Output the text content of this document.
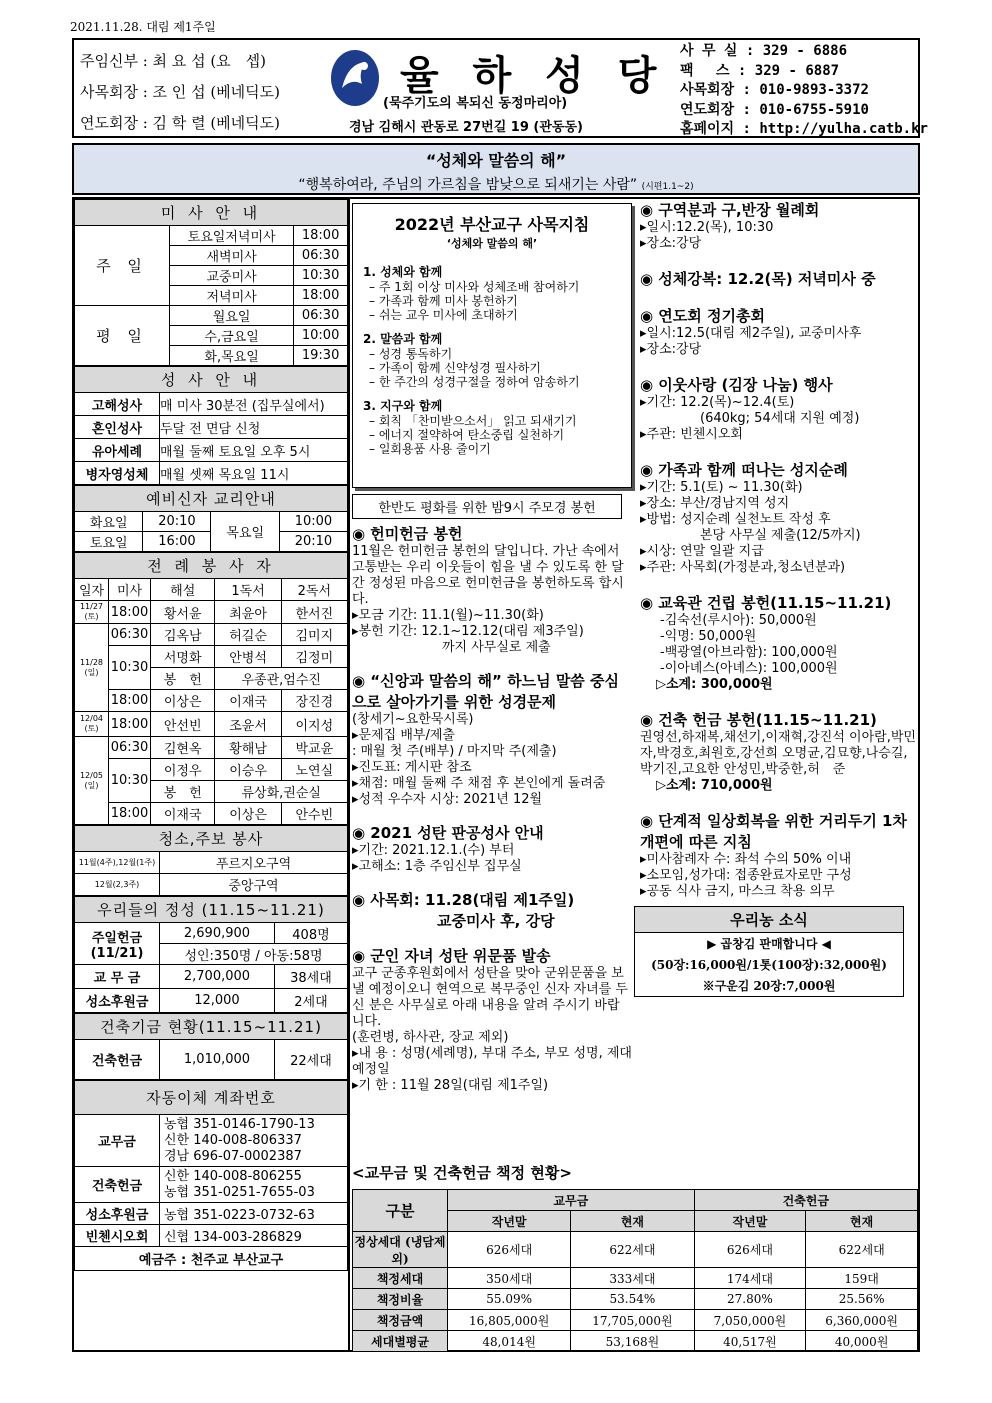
2021.11.28. 대림 제1주일
주임신부 : 최 요 섭 (요　셉)
사목회장 : 조 인 섭 (베네딕도)
연도회장 : 김 학 렬 (베네딕도)
율 하 성 당
(묵주기도의 복되신 동정마리아)
경남 김해시 관동로 27번길 19 (관동동)
사 무 실 : 329 - 6886
팩　 스 : 329 - 6887
사목회장 : 010-9893-3372
연도회장 : 010-6755-5910
홈페이지 : http://yulha.catb.kr
“성체와 말씀의 해”
“행복하여라, 주님의 가르침을 밤낮으로 되새기는 사람” (시편1.1~2)
미 사 안 내		
주 일	토요일저녁미사	18:00
	새벽미사	06:30
	교중미사	10:30
	저녁미사	18:00
평 일	월요일	06:30
	수,금요일	10:00
	화,목요일	19:30
성 사 안 내	
고해성사	매 미사 30분전 (집무실에서)
혼인성사	두달 전 면담 신청
유아세례	매월 둘째 토요일 오후 5시
병자영성체	매월 셋째 목요일 11시
예비신자 교리안내			
화요일	20:10	목요일	10:00
토요일	16:00		20:10
전 례 봉 사 자				
일자	미사	해설	1독서	2독서
11/27 (토)	18:00	황서윤	최윤아	한서진
11/28 (일)	06:30	김옥남	허길순	김미지
	10:30	서명화	안병석	김정미
		봉　헌	우종관,엄수진	
	18:00	이상은	이재국	장진경
12/04 (토)	18:00	안선빈	조윤서	이지성
12/05 (일)	06:30	김현옥	황해남	박교윤
	10:30	이정우	이승우	노연실
		봉　헌	류상화,권순실	
	18:00	이재국	이상은	안수빈
청소,주보 봉사	
11월(4주),12월(1주)	푸르지오구역
12월(2,3주)	중앙구역
우리들의 정성 (11.15~11.21)		
주일헌금 (11/21)	2,690,900	408명
	성인:350명 / 아동:58명	
교 무 금	2,700,000	38세대
성소후원금	12,000	2세대
건축기금 현황(11.15~11.21)
건축헌금	1,010,000	22세대
자동이체 계좌번호	
교무금	농협 351-0146-1790-13
신한 140-008-806337
경남 696-07-0002387

건축헌금	신한 140-008-806255
농협 351-0251-7655-03

성소후원금	농협 351-0223-0732-63
빈첸시오회	신협 134-003-286829
예금주 : 천주교 부산교구	
2022년 부산교구 사목지침
‘성체와 말씀의 해’
1. 성체와 함께
– 주 1회 이상 미사와 성체조배 참여하기
– 가족과 함께 미사 봉헌하기
– 쉬는 교우 미사에 초대하기
2. 말씀과 함께
– 성경 통독하기
– 가족이 함께 신약성경 필사하기
– 한 주간의 성경구절을 정하여 암송하기
3. 지구와 함께
– 회칙 「찬미받으소서」 읽고 되새기기
– 에너지 절약하여 탄소중립 실천하기
– 일회용품 사용 줄이기
한반도 평화를 위한 밤9시 주모경 봉헌
◉ 헌미헌금 봉헌
11월은 헌미헌금 봉헌의 달입니다. 가난 속에서 고통받는 우리 이웃들이 힘을 낼 수 있도록 한 달간 정성된 마음으로 헌미헌금을 봉헌하도록 합시다.
▸모금 기간: 11.1(월)~11.30(화)
▸봉헌 기간: 12.1~12.12(대림 제3주일)
까지 사무실로 제출
◉ “신앙과 말씀의 해” 하느님 말씀 중심으로 살아가기를 위한 성경문제
(창세기~요한묵시록)
▸문제집 배부/제출
: 매월 첫 주(배부) / 마지막 주(제출)
▸진도표: 게시판 참조
▸채점: 매월 둘째 주 채점 후 본인에게 돌려줌
▸성적 우수자 시상: 2021년 12월
◉ 2021 성탄 판공성사 안내
▸기간: 2021.12.1.(수) 부터
▸고해소: 1층 주임신부 집무실
◉ 사목회: 11.28(대림 제1주일)
교중미사 후, 강당
◉ 군인 자녀 성탄 위문품 발송
교구 군종후원회에서 성탄을 맞아 군위문품을 보낼 예정이오니 현역으로 복무중인 신자 자녀를 두신 분은 사무실로 아래 내용을 알려 주시기 바랍니다.
(훈련병, 하사관, 장교 제외)
▸내 용 : 성명(세례명), 부대 주소, 부모 성명, 제대 예정일
▸기 한 : 11월 28일(대림 제1주일)
◉ 구역분과 구,반장 월례회
▸일시:12.2(목), 10:30
▸장소:강당
◉ 성체강복: 12.2(목) 저녁미사 중
◉ 연도회 정기총회
▸일시:12.5(대림 제2주일), 교중미사후
▸장소:강당
◉ 이웃사랑 (김장 나눔) 행사
▸기간: 12.2(목)~12.4(토)
(640kg; 54세대 지원 예정)
▸주관: 빈첸시오회
◉ 가족과 함께 떠나는 성지순례
▸기간: 5.1(토) ~ 11.30(화)
▸장소: 부산/경남지역 성지
▸방법: 성지순례 실천노트 작성 후
본당 사무실 제출(12/5까지)
▸시상: 연말 일괄 지급
▸주관: 사목회(가정분과,청소년분과)
◉ 교육관 건립 봉헌(11.15~11.21)
-김숙선(루시아): 50,000원
-익명: 50,000원
-백광열(아브라함): 100,000원
-이아녜스(아녜스): 100,000원
▷소계: 300,000원
◉ 건축 헌금 봉헌(11.15~11.21)
권영선,하재복,채선기,이재혁,강진석 이아람,박민자,박경호,최원호,강선희 오명균,김묘향,나승길,박기진,고요한 안성민,박중한,허　준
▷소계: 710,000원
◉ 단계적 일상회복을 위한 거리두기 1차 개편에 따른 지침
▸미사참례자 수: 좌석 수의 50% 이내
▸소모임,성가대: 접종완료자로만 구성
▸공동 식사 금지, 마스크 착용 의무
우리농 소식
▶ 곱창김 판매합니다 ◀
(50장:16,000원/1톳(100장):32,000원)
※구운김 20장:7,000원
<교무금 및 건축헌금 책정 현황>
구분	교무금		건축헌금	
	작년말	현재	작년말	현재
정상세대 (냉담제외)	626세대	622세대	626세대	622세대
책정세대	350세대	333세대	174세대	159대
책정비율	55.09%	53.54%	27.80%	25.56%
책정금액	16,805,000원	17,705,000원	7,050,000원	6,360,000원
세대별평균	48,014원	53,168원	40,517원	40,000원
